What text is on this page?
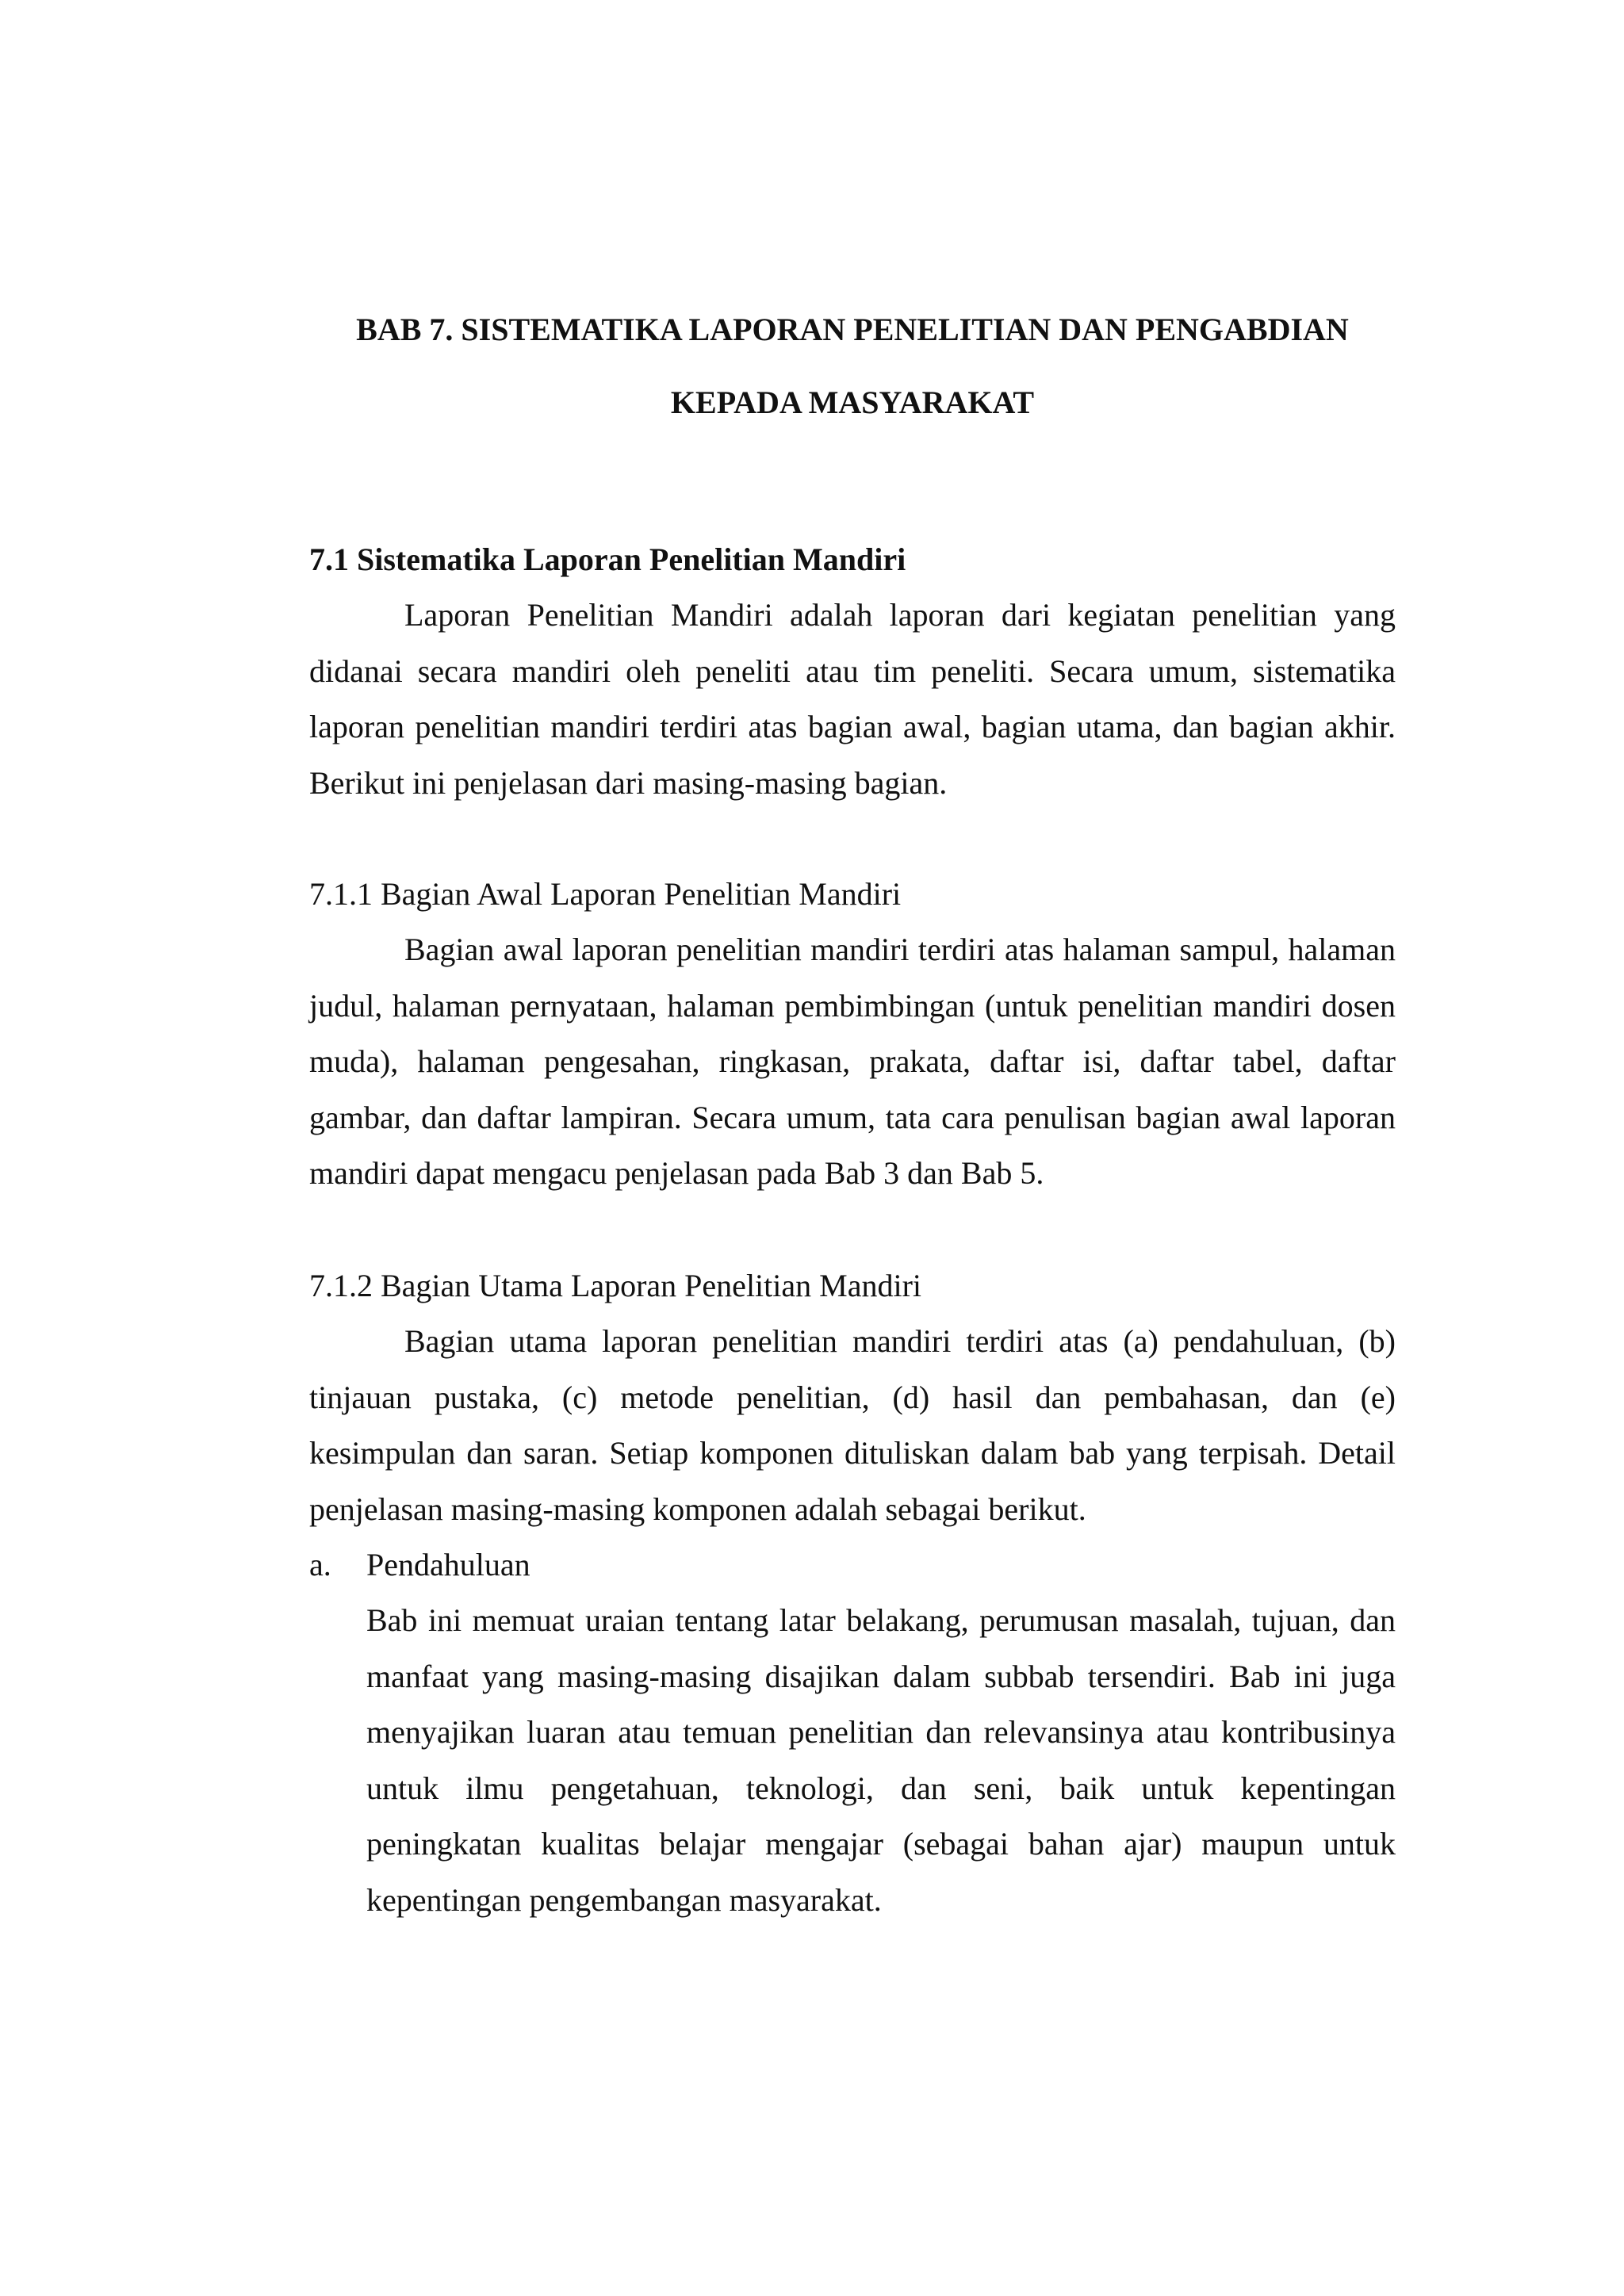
BAB 7. SISTEMATIKA LAPORAN PENELITIAN DAN PENGABDIAN
KEPADA MASYARAKAT
7.1 Sistematika Laporan Penelitian Mandiri

Laporan Penelitian Mandiri adalah laporan dari kegiatan penelitian yang didanai secara mandiri oleh peneliti atau tim peneliti. Secara umum, sistematika laporan penelitian mandiri terdiri atas bagian awal, bagian utama, dan bagian akhir. Berikut ini penjelasan dari masing-masing bagian.

7.1.1 Bagian Awal Laporan Penelitian Mandiri

Bagian awal laporan penelitian mandiri terdiri atas halaman sampul, halaman judul, halaman pernyataan, halaman pembimbingan (untuk penelitian mandiri dosen muda), halaman pengesahan, ringkasan, prakata, daftar isi, daftar tabel, daftar gambar, dan daftar lampiran. Secara umum, tata cara penulisan bagian awal laporan mandiri dapat mengacu penjelasan pada Bab 3 dan Bab 5.

7.1.2 Bagian Utama Laporan Penelitian Mandiri

Bagian utama laporan penelitian mandiri terdiri atas (a) pendahuluan, (b) tinjauan pustaka, (c) metode penelitian, (d) hasil dan pembahasan, dan (e) kesimpulan dan saran. Setiap komponen dituliskan dalam bab yang terpisah. Detail penjelasan masing-masing komponen adalah sebagai berikut.

a. Pendahuluan

Bab ini memuat uraian tentang latar belakang, perumusan masalah, tujuan, dan manfaat yang masing-masing disajikan dalam subbab tersendiri. Bab ini juga menyajikan luaran atau temuan penelitian dan relevansinya atau kontribusinya untuk ilmu pengetahuan, teknologi, dan seni, baik untuk kepentingan peningkatan kualitas belajar mengajar (sebagai bahan ajar) maupun untuk kepentingan pengembangan masyarakat.
